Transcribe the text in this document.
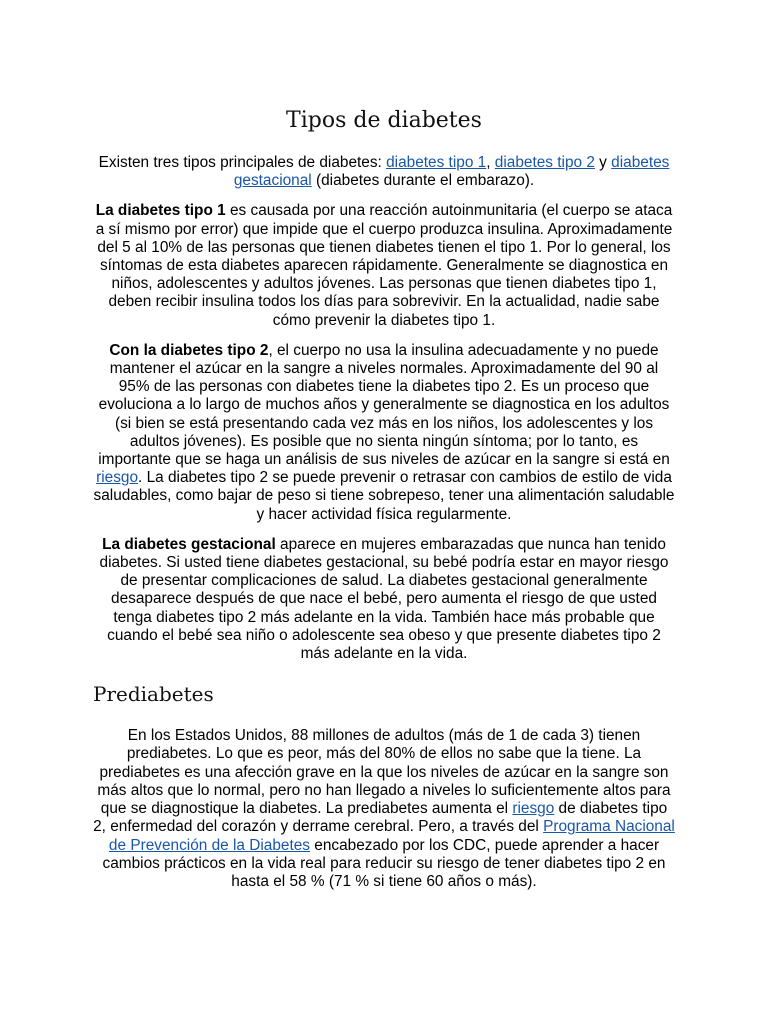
Tipos de diabetes

Existen tres tipos principales de diabetes: diabetes tipo 1, diabetes tipo 2 y diabetes gestacional (diabetes durante el embarazo).

La diabetes tipo 1 es causada por una reacción autoinmunitaria (el cuerpo se ataca a sí mismo por error) que impide que el cuerpo produzca insulina. Aproximadamente del 5 al 10% de las personas que tienen diabetes tienen el tipo 1. Por lo general, los síntomas de esta diabetes aparecen rápidamente. Generalmente se diagnostica en niños, adolescentes y adultos jóvenes. Las personas que tienen diabetes tipo 1, deben recibir insulina todos los días para sobrevivir. En la actualidad, nadie sabe cómo prevenir la diabetes tipo 1.

Con la diabetes tipo 2, el cuerpo no usa la insulina adecuadamente y no puede mantener el azúcar en la sangre a niveles normales. Aproximadamente del 90 al 95% de las personas con diabetes tiene la diabetes tipo 2. Es un proceso que evoluciona a lo largo de muchos años y generalmente se diagnostica en los adultos (si bien se está presentando cada vez más en los niños, los adolescentes y los adultos jóvenes). Es posible que no sienta ningún síntoma; por lo tanto, es importante que se haga un análisis de sus niveles de azúcar en la sangre si está en riesgo. La diabetes tipo 2 se puede prevenir o retrasar con cambios de estilo de vida saludables, como bajar de peso si tiene sobrepeso, tener una alimentación saludable y hacer actividad física regularmente.

La diabetes gestacional aparece en mujeres embarazadas que nunca han tenido diabetes. Si usted tiene diabetes gestacional, su bebé podría estar en mayor riesgo de presentar complicaciones de salud. La diabetes gestacional generalmente desaparece después de que nace el bebé, pero aumenta el riesgo de que usted tenga diabetes tipo 2 más adelante en la vida. También hace más probable que cuando el bebé sea niño o adolescente sea obeso y que presente diabetes tipo 2 más adelante en la vida.

Prediabetes

En los Estados Unidos, 88 millones de adultos (más de 1 de cada 3) tienen prediabetes. Lo que es peor, más del 80% de ellos no sabe que la tiene. La prediabetes es una afección grave en la que los niveles de azúcar en la sangre son más altos que lo normal, pero no han llegado a niveles lo suficientemente altos para que se diagnostique la diabetes. La prediabetes aumenta el riesgo de diabetes tipo 2, enfermedad del corazón y derrame cerebral. Pero, a través del Programa Nacional de Prevención de la Diabetes encabezado por los CDC, puede aprender a hacer cambios prácticos en la vida real para reducir su riesgo de tener diabetes tipo 2 en hasta el 58 % (71 % si tiene 60 años o más).
